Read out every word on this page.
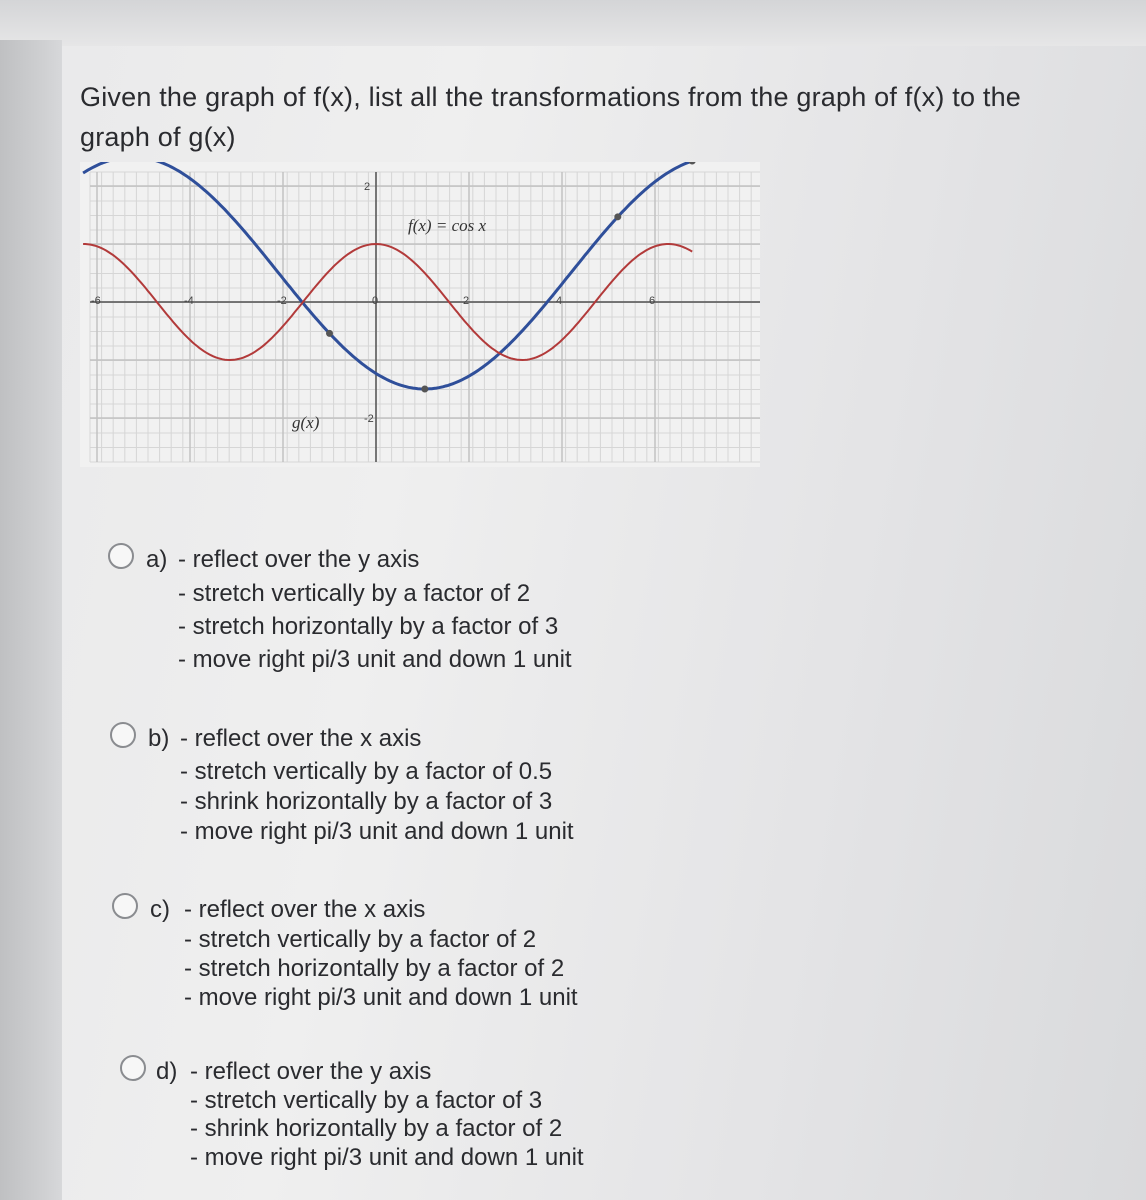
Given the graph of f(x), list all the transformations from the graph of f(x) to the
graph of g(x)
-6	-4	-2	0	2	4	6
2
-2
f(x) = cos x
g(x)
a) - reflect over the y axis
- stretch vertically by a factor of 2
- stretch horizontally by a factor of 3
- move right pi/3 unit and down 1 unit
b) - reflect over the x axis
- stretch vertically by a factor of 0.5
- shrink horizontally by a factor of 3
- move right pi/3 unit and down 1 unit
c) - reflect over the x axis
- stretch vertically by a factor of 2
- stretch horizontally by a factor of 2
- move right pi/3 unit and down 1 unit
d) - reflect over the y axis
- stretch vertically by a factor of 3
- shrink horizontally by a factor of 2
- move right pi/3 unit and down 1 unit
